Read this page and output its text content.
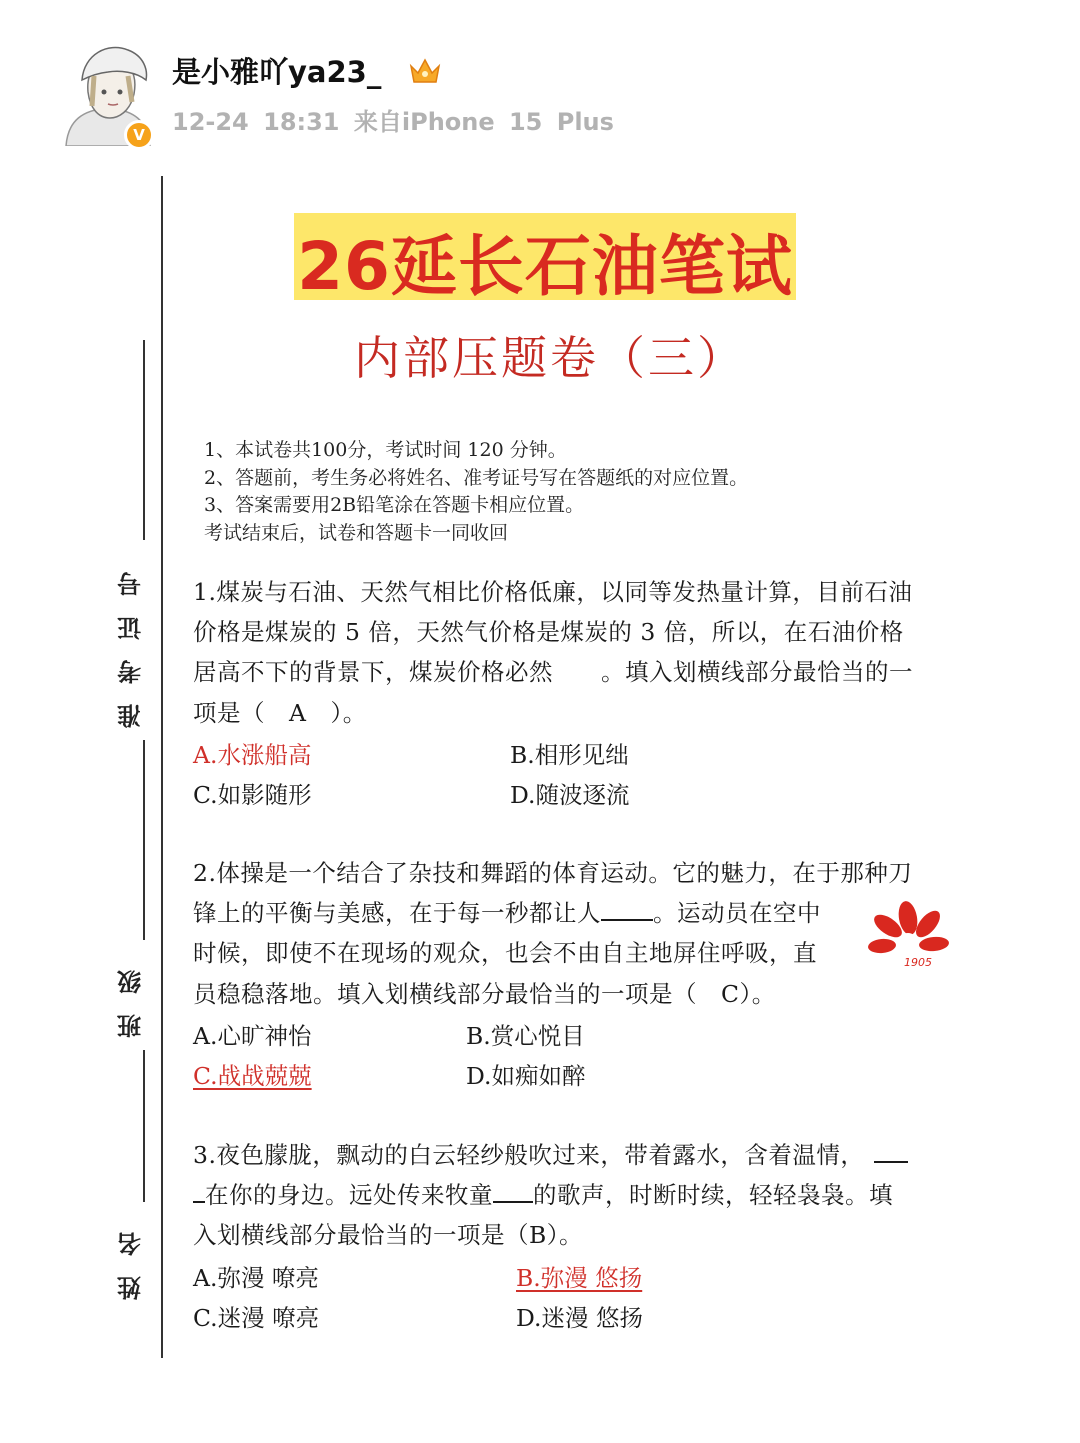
V
是小雅吖ya23_
12-24 18:31 来自iPhone 15 Plus
准考证号
班级
姓名
26延长石油笔试
内部压题卷（三）
1、本试卷共100分，考试时间 120 分钟。
2、答题前，考生务必将姓名、准考证号写在答题纸的对应位置。
3、答案需要用2B铅笔涂在答题卡相应位置。
考试结束后，试卷和答题卡一同收回
1.煤炭与石油、天然气相比价格低廉，以同等发热量计算，目前石油
价格是煤炭的 5 倍，天然气价格是煤炭的 3 倍，所以，在石油价格
居高不下的背景下，煤炭价格必然　　。填入划横线部分最恰当的一
项是（　A　）。
A.水涨船高	B.相形见绌
C.如影随形	D.随波逐流
2.体操是一个结合了杂技和舞蹈的体育运动。它的魅力，在于那种刀
锋上的平衡与美感，在于每一秒都让人 。运动员在空中
时候，即使不在现场的观众，也会不由自主地屏住呼吸，直
员稳稳落地。填入划横线部分最恰当的一项是（　C）。
A.心旷神怡	B.赏心悦目
C.战战兢兢	D.如痴如醉
1905
3.夜色朦胧，飘动的白云轻纱般吹过来，带着露水，含着温情，
在你的身边。远处传来牧童 的歌声，时断时续，轻轻袅袅。填
入划横线部分最恰当的一项是（B）。
A.弥漫 嘹亮	B.弥漫 悠扬
C.迷漫 嘹亮	D.迷漫 悠扬
